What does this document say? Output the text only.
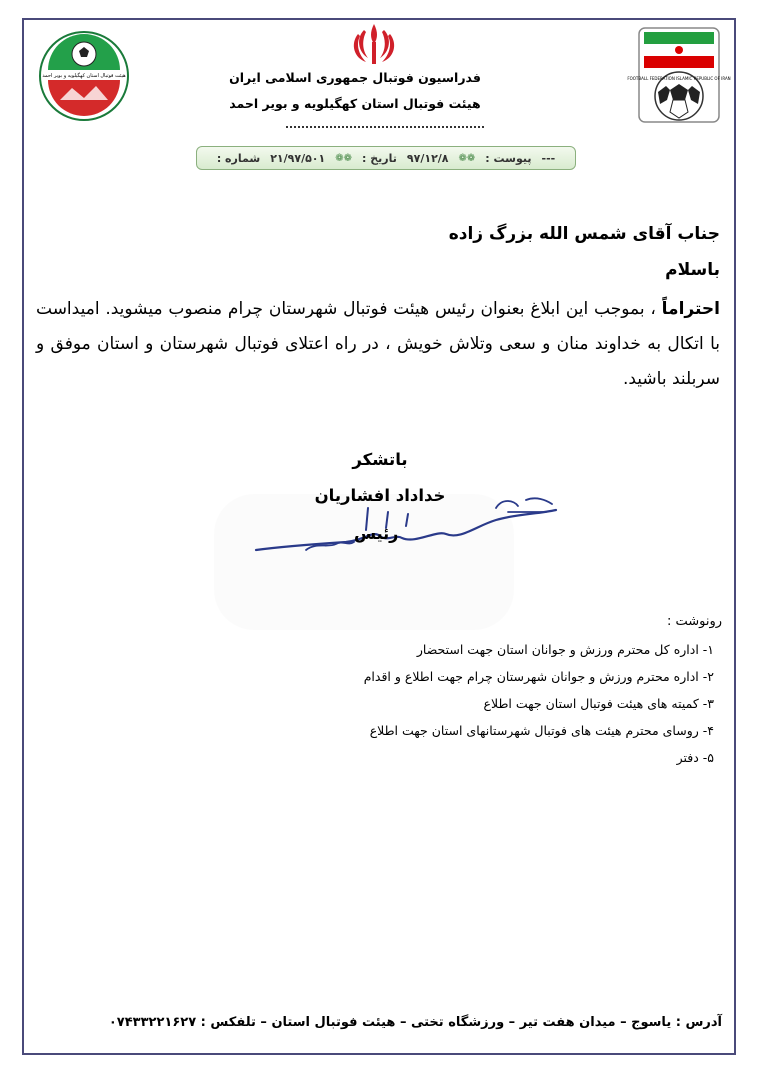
FOOTBALL FEDERATION ISLAMIC REPUBLIC OF IRAN
هیئت فوتبال استان کهگیلویه و بویر احمد	فدراسیون فوتبال جمهوری اسلامی ایران
هیئت فوتبال استان کهگیلویه و بویر احمد
شماره : ۲۱/۹۷/۵۰۱ ❁❁ تاریخ : ۹۷/۱۲/۸ ❁❁ پیوست : ---
جناب آقای شمس الله بزرگ زاده
باسلام
احتراماً ، بموجب این ابلاغ بعنوان رئیس هیئت فوتبال شهرستان چرام منصوب میشوید. امیداست با اتکال به خداوند منان و سعی وتلاش خویش ، در راه اعتلای فوتبال شهرستان و استان موفق و سربلند باشید.
باتشکر
خداداد افشاریان
رئیس
رونوشت :
۱- اداره کل محترم ورزش و جوانان استان جهت استحضار
۲- اداره محترم ورزش و جوانان شهرستان چرام جهت اطلاع و اقدام
۳- کمیته های هیئت فوتبال استان جهت اطلاع
۴- روسای محترم هیئت های فوتبال شهرستانهای استان جهت اطلاع
۵- دفتر
آدرس : یاسوج – میدان هفت تیر – ورزشگاه تختی – هیئت فوتبال استان – تلفکس : ۰۷۴۳۳۲۲۱۶۲۷
